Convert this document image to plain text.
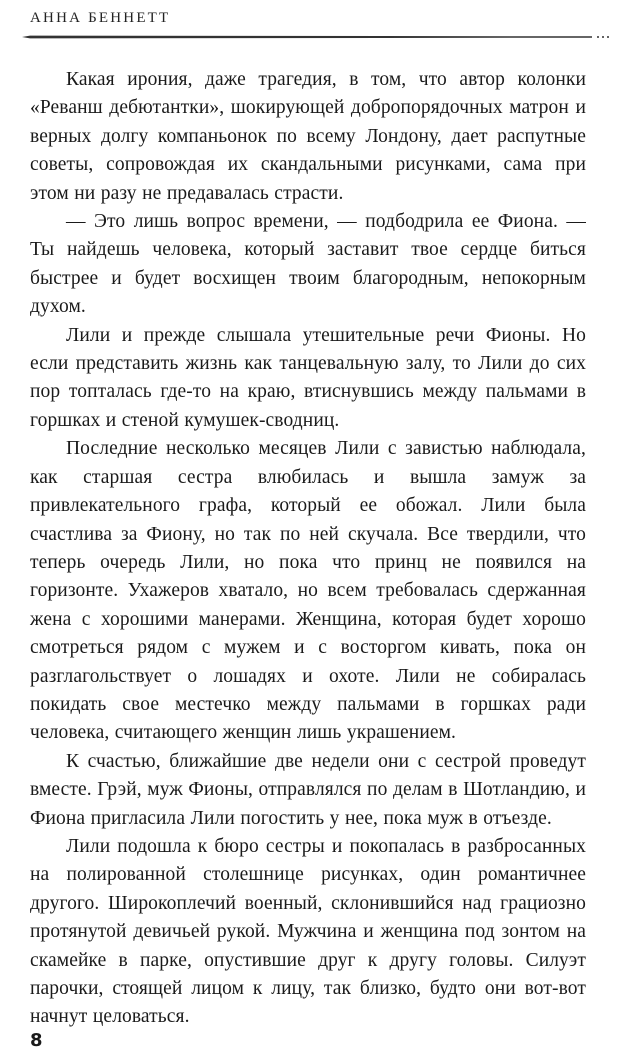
АННА БЕННЕТТ

Какая ирония, даже трагедия, в том, что автор колонки «Реванш дебютантки», шокирующей добропорядочных матрон и верных долгу компаньонок по всему Лондону, дает распутные советы, сопровождая их скандальными рисунками, сама при этом ни разу не предавалась страсти.

— Это лишь вопрос времени, — подбодрила ее Фиона. — Ты найдешь человека, который заставит твое сердце биться быстрее и будет восхищен твоим благородным, непокорным духом.

Лили и прежде слышала утешительные речи Фионы. Но если представить жизнь как танцевальную залу, то Лили до сих пор топталась где-то на краю, втиснувшись между пальмами в горшках и стеной кумушек-сводниц.

Последние несколько месяцев Лили с завистью наблюдала, как старшая сестра влюбилась и вышла замуж за привлекательного графа, который ее обожал. Лили была счастлива за Фиону, но так по ней скучала. Все твердили, что теперь очередь Лили, но пока что принц не появился на горизонте. Ухажеров хватало, но всем требовалась сдержанная жена с хорошими манерами. Женщина, которая будет хорошо смотреться рядом с мужем и с восторгом кивать, пока он разглагольствует о лошадях и охоте. Лили не собиралась покидать свое местечко между пальмами в горшках ради человека, считающего женщин лишь украшением.

К счастью, ближайшие две недели они с сестрой проведут вместе. Грэй, муж Фионы, отправлялся по делам в Шотландию, и Фиона пригласила Лили погостить у нее, пока муж в отъезде.

Лили подошла к бюро сестры и покопалась в разбросанных на полированной столешнице рисунках, один романтичнее другого. Широкоплечий военный, склонившийся над грациозно протянутой девичьей рукой. Мужчина и женщина под зонтом на скамейке в парке, опустившие друг к другу головы. Силуэт парочки, стоящей лицом к лицу, так близко, будто они вот-вот начнут целоваться.

8
